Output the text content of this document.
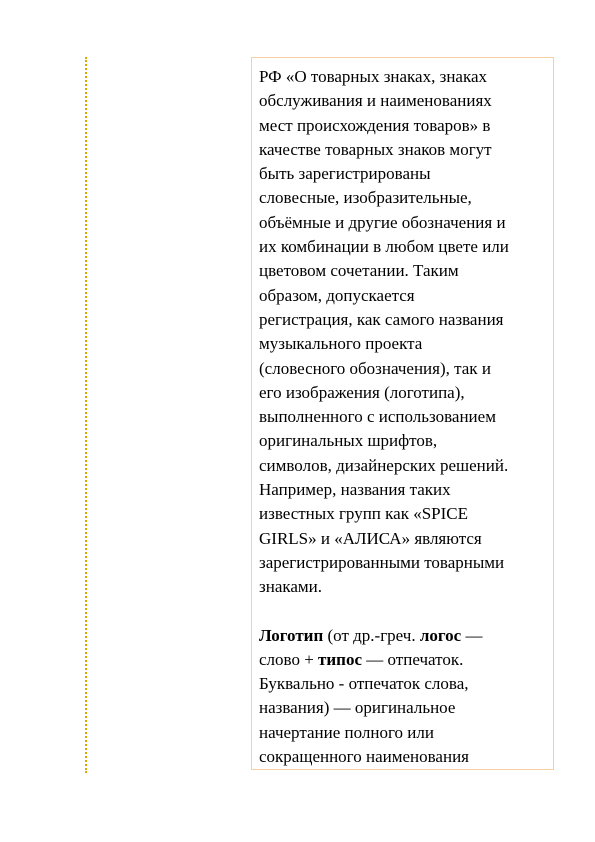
РФ «О товарных знаках, знаках
обслуживания и наименованиях
мест происхождения товаров» в
качестве товарных знаков могут
быть зарегистрированы
словесные, изобразительные,
объёмные и другие обозначения и
их комбинации в любом цвете или
цветовом сочетании. Таким
образом, допускается
регистрация, как самого названия
музыкального проекта
(словесного обозначения), так и
его изображения (логотипа),
выполненного с использованием
оригинальных шрифтов,
символов, дизайнерских решений.
Например, названия таких
известных групп как «SPICE
GIRLS» и «АЛИСА» являются
зарегистрированными товарными
знаками.

Логотип (от др.-греч. логос —
слово + типос — отпечаток.
Буквально - отпечаток слова,
названия) — оригинальное
начертание полного или
сокращенного наименования
